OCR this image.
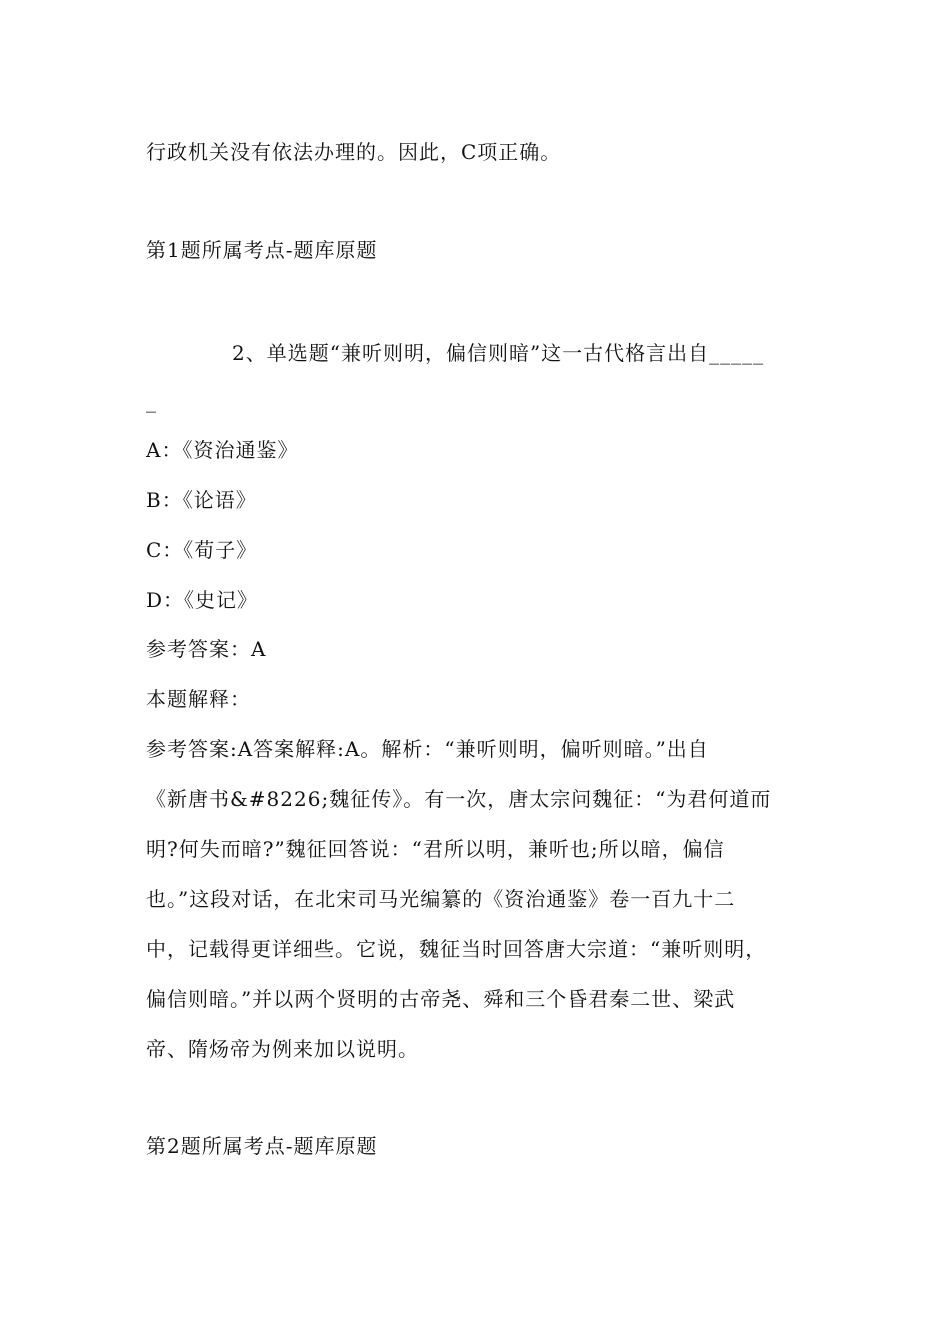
行政机关没有依法办理的。因此，C项正确。
第1题所属考点-题库原题
2、单选题“兼听则明，偏信则暗”这一古代格言出自_____
_
A：《资治通鉴》
B：《论语》
C：《荀子》
D：《史记》
参考答案：A
本题解释：
参考答案:A答案解释:A。解析：“兼听则明，偏听则暗。”出自
《新唐书&#8226;魏征传》。有一次，唐太宗问魏征：“为君何道而
明?何失而暗?”魏征回答说：“君所以明，兼听也;所以暗，偏信
也。”这段对话，在北宋司马光编纂的《资治通鉴》卷一百九十二
中，记载得更详细些。它说，魏征当时回答唐大宗道：“兼听则明，
偏信则暗。”并以两个贤明的古帝尧、舜和三个昏君秦二世、梁武
帝、隋炀帝为例来加以说明。
第2题所属考点-题库原题
